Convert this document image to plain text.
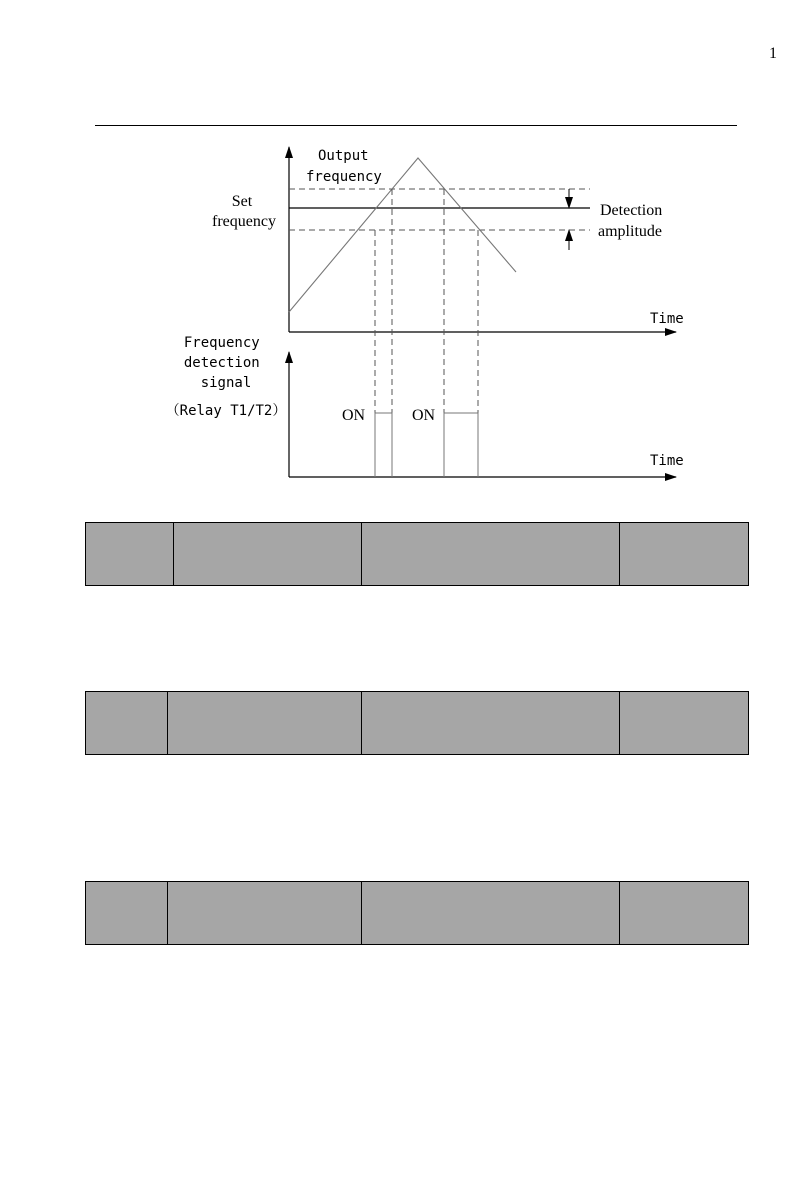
1
Output frequency
Set frequency
Detection amplitude
Time
Time
Frequency detection signal
（Relay T1/T2）	ON	ON
